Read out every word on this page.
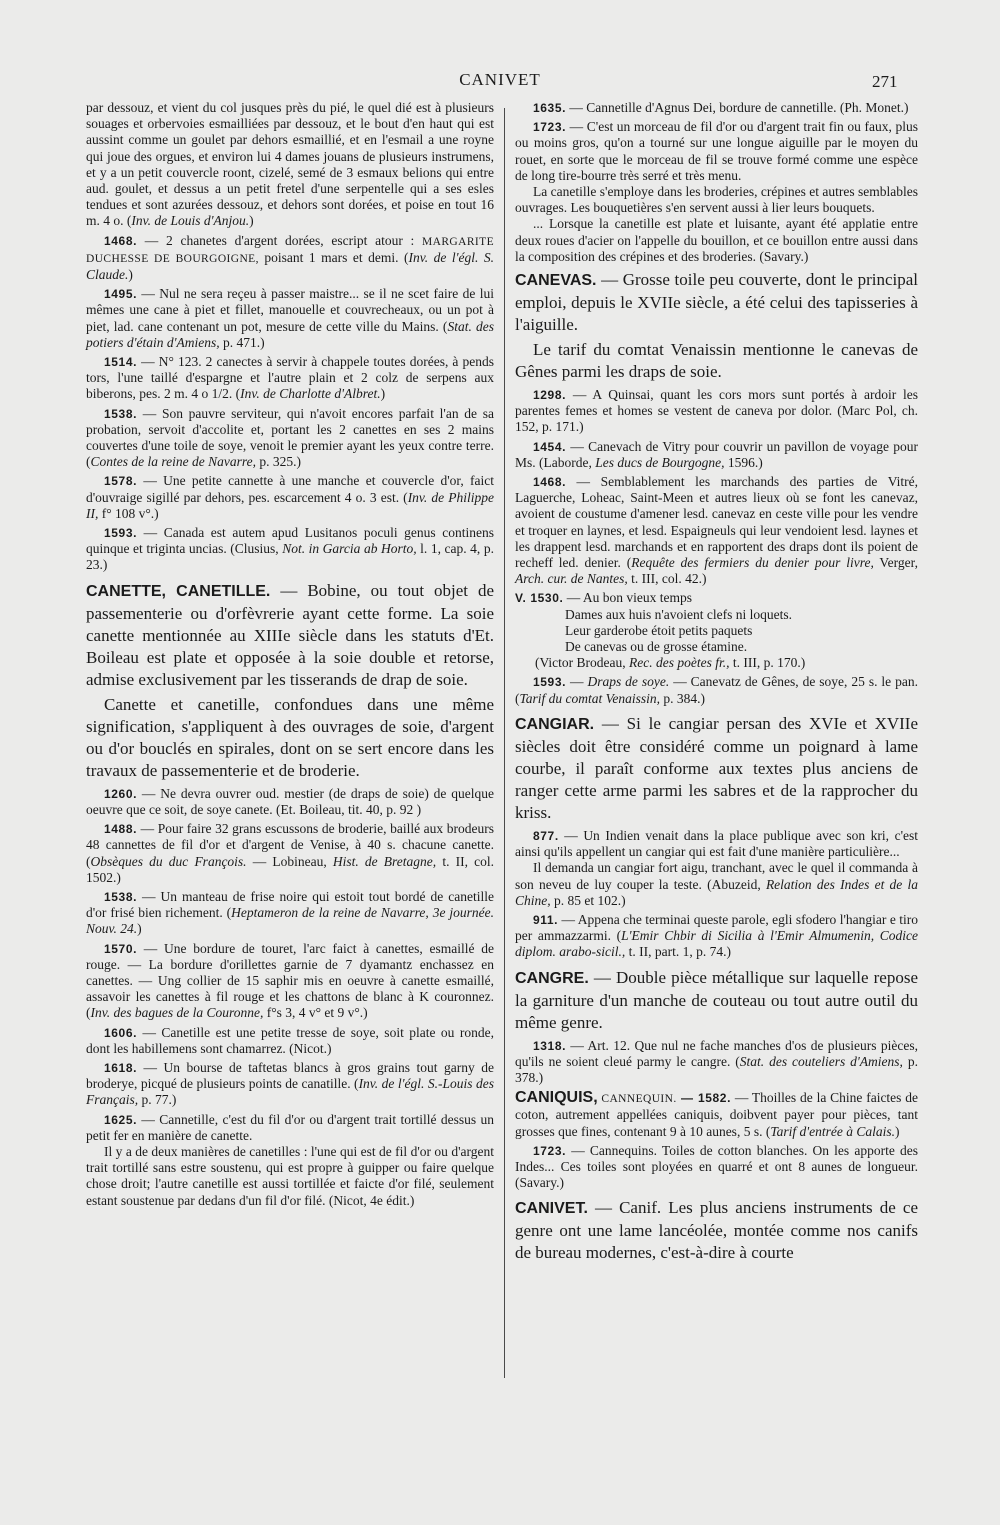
CANIVET	271

par dessouz, et vient du col jusques près du pié, le quel dié est à plusieurs souages et orbervoies esmailliées par dessouz, et le bout d'en haut qui est aussint comme un goulet par dehors esmaillié, et en l'esmail a une royne qui joue des orgues, et environ lui 4 dames jouans de plusieurs instrumens, et y a un petit couvercle roont, cizelé, semé de 3 esmaux belions qui entre aud. goulet, et dessus a un petit fretel d'une serpentelle qui a ses esles tendues et sont azurées dessouz, et dehors sont dorées, et poise en tout 16 m. 4 o. (Inv. de Louis d'Anjou.)

1468. — 2 chanetes d'argent dorées, escript atour : MARGARITE DUCHESSE DE BOURGOIGNE, poisant 1 mars et demi. (Inv. de l'égl. S. Claude.)

1495. — Nul ne sera reçeu à passer maistre... se il ne scet faire de lui mêmes une cane à piet et fillet, manouelle et couvrecheaux, ou un pot à piet, lad. cane contenant un pot, mesure de cette ville du Mains. (Stat. des potiers d'étain d'Amiens, p. 471.)

1514. — N° 123. 2 canectes à servir à chappele toutes dorées, à pends tors, l'une taillé d'espargne et l'autre plain et 2 colz de serpens aux biberons, pes. 2 m. 4 o 1/2. (Inv. de Charlotte d'Albret.)

1538. — Son pauvre serviteur, qui n'avoit encores parfait l'an de sa probation, servoit d'accolite et, portant les 2 canettes en ses 2 mains couvertes d'une toile de soye, venoit le premier ayant les yeux contre terre. (Contes de la reine de Navarre, p. 325.)

1578. — Une petite cannette à une manche et couvercle d'or, faict d'ouvraige sigillé par dehors, pes. escarcement 4 o. 3 est. (Inv. de Philippe II, f° 108 v°.)

1593. — Canada est autem apud Lusitanos poculi genus continens quinque et triginta uncias. (Clusius, Not. in Garcia ab Horto, l. 1, cap. 4, p. 23.)

CANETTE, CANETILLE. — Bobine, ou tout objet de passementerie ou d'orfèvrerie ayant cette forme. La soie canette mentionnée au XIIIe siècle dans les statuts d'Et. Boileau est plate et opposée à la soie double et retorse, admise exclusivement par les tisserands de drap de soie.

Canette et canetille, confondues dans une même signification, s'appliquent à des ouvrages de soie, d'argent ou d'or bouclés en spirales, dont on se sert encore dans les travaux de passementerie et de broderie.

1260. — Ne devra ouvrer oud. mestier (de draps de soie) de quelque oeuvre que ce soit, de soye canete. (Et. Boileau, tit. 40, p. 92 )

1488. — Pour faire 32 grans escussons de broderie, baillé aux brodeurs 48 cannettes de fil d'or et d'argent de Venise, à 40 s. chacune canette. (Obsèques du duc François. — Lobineau, Hist. de Bretagne, t. II, col. 1502.)

1538. — Un manteau de frise noire qui estoit tout bordé de canetille d'or frisé bien richement. (Heptameron de la reine de Navarre, 3e journée. Nouv. 24.)

1570. — Une bordure de touret, l'arc faict à canettes, esmaillé de rouge. — La bordure d'orillettes garnie de 7 dyamantz enchassez en canettes. — Ung collier de 15 saphir mis en oeuvre à canette esmaillé, assavoir les canettes à fil rouge et les chattons de blanc à K couronnez. (Inv. des bagues de la Couronne, f°s 3, 4 v° et 9 v°.)

1606. — Canetille est une petite tresse de soye, soit plate ou ronde, dont les habillemens sont chamarrez. (Nicot.)

1618. — Un bourse de taftetas blancs à gros grains tout garny de broderye, picqué de plusieurs points de canatille. (Inv. de l'égl. S.-Louis des Français, p. 77.)

1625. — Cannetille, c'est du fil d'or ou d'argent trait tortillé dessus un petit fer en manière de canette.

Il y a de deux manières de canetilles : l'une qui est de fil d'or ou d'argent trait tortillé sans estre soustenu, qui est propre à guipper ou faire quelque chose droit; l'autre canetille est aussi tortillée et faicte d'or filé, seulement estant soustenue par dedans d'un fil d'or filé. (Nicot, 4e édit.)

1635. — Cannetille d'Agnus Dei, bordure de cannetille. (Ph. Monet.)

1723. — C'est un morceau de fil d'or ou d'argent trait fin ou faux, plus ou moins gros, qu'on a tourné sur une longue aiguille par le moyen du rouet, en sorte que le morceau de fil se trouve formé comme une espèce de long tire-bourre très serré et très menu.

La canetille s'employe dans les broderies, crépines et autres semblables ouvrages. Les bouquetières s'en servent aussi à lier leurs bouquets.

... Lorsque la canetille est plate et luisante, ayant été applatie entre deux roues d'acier on l'appelle du bouillon, et ce bouillon entre aussi dans la composition des crépines et des broderies. (Savary.)

CANEVAS. — Grosse toile peu couverte, dont le principal emploi, depuis le XVIIe siècle, a été celui des tapisseries à l'aiguille.

Le tarif du comtat Venaissin mentionne le canevas de Gênes parmi les draps de soie.

1298. — A Quinsai, quant les cors mors sunt portés à ardoir les parentes femes et homes se vestent de caneva por dolor. (Marc Pol, ch. 152, p. 171.)

1454. — Canevach de Vitry pour couvrir un pavillon de voyage pour Ms. (Laborde, Les ducs de Bourgogne, 1596.)

1468. — Semblablement les marchands des parties de Vitré, Laguerche, Loheac, Saint-Meen et autres lieux où se font les canevaz, avoient de coustume d'amener lesd. canevaz en ceste ville pour les vendre et troquer en laynes, et lesd. Espaigneuls qui leur vendoient lesd. laynes et les drappent lesd. marchands et en rapportent des draps dont ils poient de recheff led. denier. (Requête des fermiers du denier pour livre, Verger, Arch. cur. de Nantes, t. III, col. 42.)

V. 1530. — Au bon vieux temps
Dames aux huis n'avoient clefs ni loquets.
Leur garderobe étoit petits paquets
De canevas ou de grosse étamine.
(Victor Brodeau, Rec. des poètes fr., t. III, p. 170.)

1593. — Draps de soye. — Canevatz de Gênes, de soye, 25 s. le pan. (Tarif du comtat Venaissin, p. 384.)

CANGIAR. — Si le cangiar persan des XVIe et XVIIe siècles doit être considéré comme un poignard à lame courbe, il paraît conforme aux textes plus anciens de ranger cette arme parmi les sabres et de la rapprocher du kriss.

877. — Un Indien venait dans la place publique avec son kri, c'est ainsi qu'ils appellent un cangiar qui est fait d'une manière particulière...

Il demanda un cangiar fort aigu, tranchant, avec le quel il commanda à son neveu de luy couper la teste. (Abuzeid, Relation des Indes et de la Chine, p. 85 et 102.)

911. — Appena che terminai queste parole, egli sfodero l'hangiar e tiro per ammazzarmi. (L'Emir Chbir di Sicilia à l'Emir Almumenin, Codice diplom. arabo-sicil., t. II, part. 1, p. 74.)

CANGRE. — Double pièce métallique sur laquelle repose la garniture d'un manche de couteau ou tout autre outil du même genre.

1318. — Art. 12. Que nul ne fache manches d'os de plusieurs pièces, qu'ils ne soient cleué parmy le cangre. (Stat. des couteliers d'Amiens, p. 378.)

CANIQUIS, CANNEQUIN. — 1582. — Thoilles de la Chine faictes de coton, autrement appellées caniquis, doibvent payer pour pièces, tant grosses que fines, contenant 9 à 10 aunes, 5 s. (Tarif d'entrée à Calais.)

1723. — Cannequins. Toiles de cotton blanches. On les apporte des Indes... Ces toiles sont ployées en quarré et ont 8 aunes de longueur. (Savary.)

CANIVET. — Canif. Les plus anciens instruments de ce genre ont une lame lancéolée, montée comme nos canifs de bureau modernes, c'est-à-dire à courte
